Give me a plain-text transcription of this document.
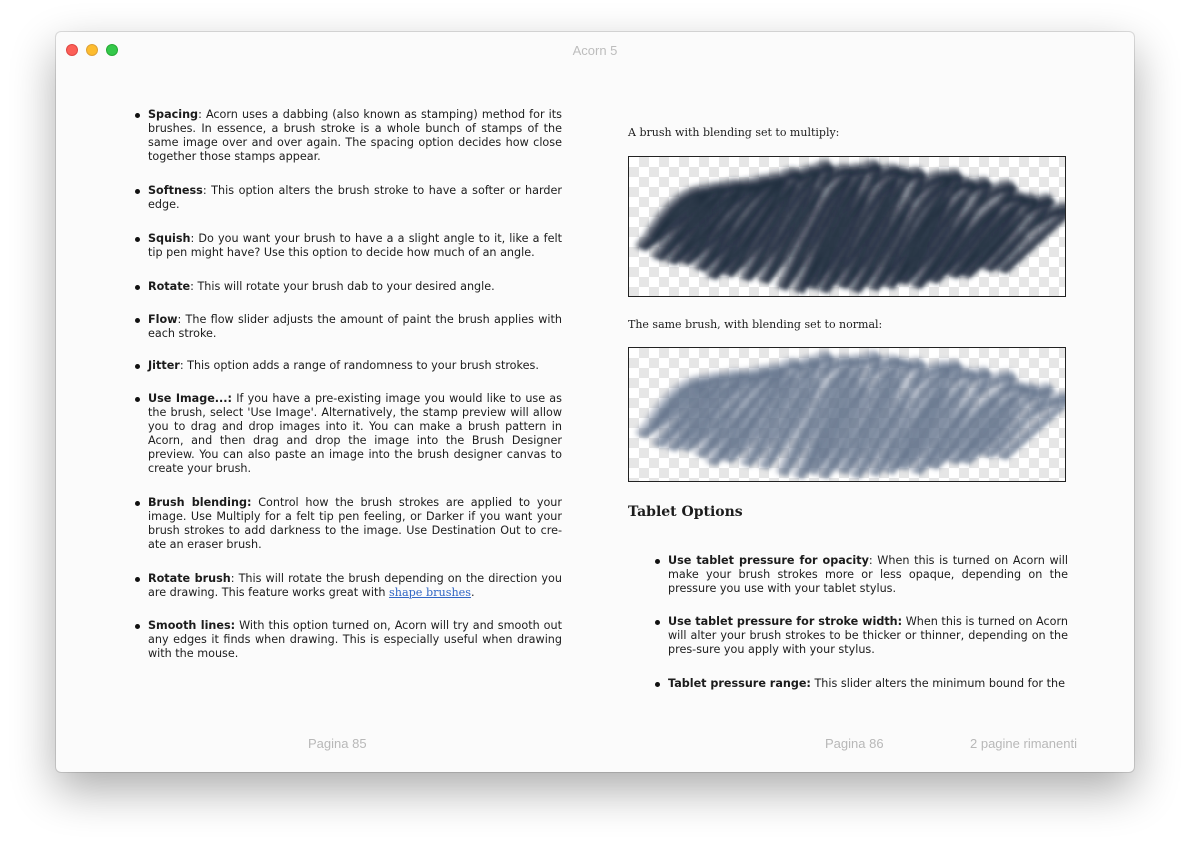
Acorn 5
Spacing: Acorn uses a dabbing (also known as stamping) method for its brushes. In essence, a brush stroke is a whole bunch of stamps of the same image over and over again. The spacing option decides how close together those stamps appear.
Softness: This option alters the brush stroke to have a softer or harder edge.
Squish: Do you want your brush to have a a slight angle to it, like a felt tip pen might have? Use this option to decide how much of an angle.
Rotate: This will rotate your brush dab to your desired angle.
Flow: The flow slider adjusts the amount of paint the brush applies with each stroke.
Jitter: This option adds a range of randomness to your brush strokes.
Use Image...: If you have a pre-existing image you would like to use as the brush, select 'Use Image'. Alternatively, the stamp preview will allow you to drag and drop images into it. You can make a brush pattern in Acorn, and then drag and drop the image into the Brush Designer preview. You can also paste an image into the brush designer canvas to create your brush.
Brush blending: Control how the brush strokes are applied to your image. Use Multiply for a felt tip pen feeling, or Darker if you want your brush strokes to add darkness to the image. Use Destination Out to cre-ate an eraser brush.
Rotate brush: This will rotate the brush depending on the direction you are drawing. This feature works great with shape brushes.
Smooth lines: With this option turned on, Acorn will try and smooth out any edges it finds when drawing. This is especially useful when drawing with the mouse.
A brush with blending set to multiply:
The same brush, with blending set to normal:
Tablet Options
Use tablet pressure for opacity: When this is turned on Acorn will make your brush strokes more or less opaque, depending on the pressure you use with your tablet stylus.
Use tablet pressure for stroke width: When this is turned on Acorn will alter your brush strokes to be thicker or thinner, depending on the pres-sure you apply with your stylus.
Tablet pressure range: This slider alters the minimum bound for the
Pagina 85	Pagina 86	2 pagine rimanenti
